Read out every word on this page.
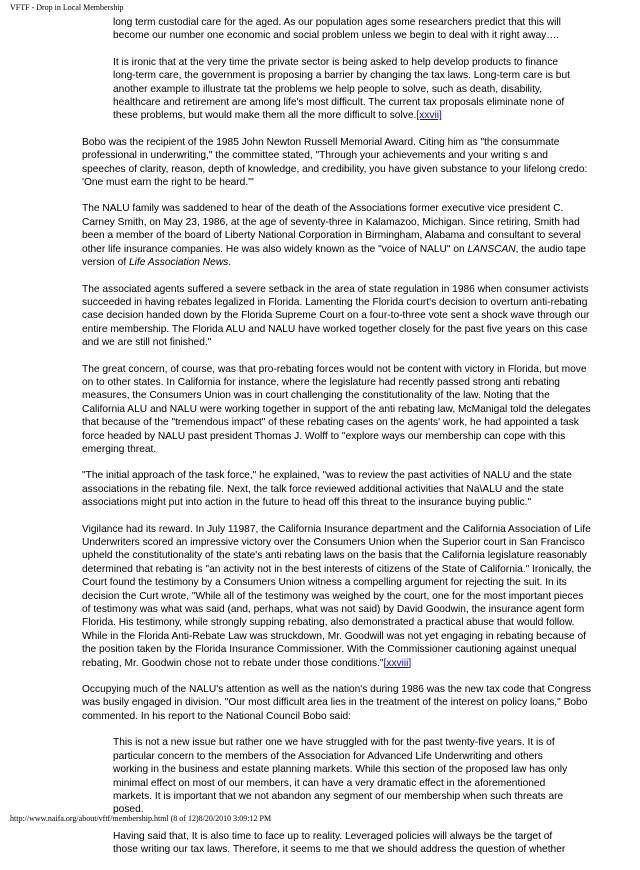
VFTF - Drop in Local Membership

long term custodial care for the aged. As our population ages some researchers predict that this will become our number one economic and social problem unless we begin to deal with it right away….

It is ironic that at the very time the private sector is being asked to help develop products to finance long-term care, the government is proposing a barrier by changing the tax laws. Long-term care is but another example to illustrate tat the problems we help people to solve, such as death, disability, healthcare and retirement are among life's most difficult. The current tax proposals eliminate none of these problems, but would make them all the more difficult to solve.[xxvii]

Bobo was the recipient of the 1985 John Newton Russell Memorial Award. Citing him as "the consummate professional in underwriting," the committee stated, "Through your achievements and your writing s and speeches of clarity, reason, depth of knowledge, and credibility, you have given substance to your lifelong credo: 'One must earn the right to be heard.'"

The NALU family was saddened to hear of the death of the Associations former executive vice president C. Carney Smith, on May 23, 1986, at the age of seventy-three in Kalamazoo, Michigan. Since retiring, Smith had been a member of the board of Liberty National Corporation in Birmingham, Alabama and consultant to several other life insurance companies. He was also widely known as the "voice of NALU" on LANSCAN, the audio tape version of Life Association News.

The associated agents suffered a severe setback in the area of state regulation in 1986 when consumer activists succeeded in having rebates legalized in Florida. Lamenting the Florida court's decision to overturn anti-rebating case decision handed down by the Florida Supreme Court on a four-to-three vote sent a shock wave through our entire membership. The Florida ALU and NALU have worked together closely for the past five years on this case and we are still not finished."

The great concern, of course, was that pro-rebating forces would not be content with victory in Florida, but move on to other states. In California for instance, where the legislature had recently passed strong anti rebating measures, the Consumers Union was in court challenging the constitutionality of the law. Noting that the California ALU and NALU were working together in support of the anti rebating law, McManigal told the delegates that because of the "tremendous impact" of these rebating cases on the agents' work, he had appointed a task force headed by NALU past president Thomas J. Wolff to "explore ways our membership can cope with this emerging threat.

"The initial approach of the task force," he explained, "was to review the past activities of NALU and the state associations in the rebating file. Next, the talk force reviewed additional activities that Na\ALU and the state associations might put into action in the future to head off this threat to the insurance buying public."

Vigilance had its reward. In July 11987, the California Insurance department and the California Association of Life Underwriters scored an impressive victory over the Consumers Union when the Superior court in San Francisco upheld the constitutionality of the state's anti rebating laws on the basis that the California legislature reasonably determined that rebating is "an activity not in the best interests of citizens of the State of California." Ironically, the Court found the testimony by a Consumers Union witness a compelling argument for rejecting the suit. In its decision the Curt wrote, "While all of the testimony was weighed by the court, one for the most important pieces of testimony was what was said (and, perhaps, what was not said) by David Goodwin, the insurance agent form Florida. His testimony, while strongly supping rebating, also demonstrated a practical abuse that would follow. While in the Florida Anti-Rebate Law was struckdown, Mr. Goodwill was not yet engaging in rebating because of the position taken by the Florida Insurance Commissioner. With the Commissioner cautioning against unequal rebating, Mr. Goodwin chose not to rebate under those conditions."[xxviii]

Occupying much of the NALU's attention as well as the nation's during 1986 was the new tax code that Congress was busily engaged in division. "Our most difficult area lies in the treatment of the interest on policy loans," Bobo commented. In his report to the National Council Bobo said:

This is not a new issue but rather one we have struggled with for the past twenty-five years. It is of particular concern to the members of the Association for Advanced Life Underwriting and others working in the business and estate planning markets. While this section of the proposed law has only minimal effect on most of our members, it can have a very dramatic effect in the aforementioned markets. It is important that we not abandon any segment of our membership when such threats are posed.

Having said that, It is also time to face up to reality. Leveraged policies will always be the target of those writing our tax laws. Therefore, it seems to me that we should address the question of whether

http://www.naifa.org/about/vftf/membership.html (8 of 12)8/20/2010 3:09:12 PM
